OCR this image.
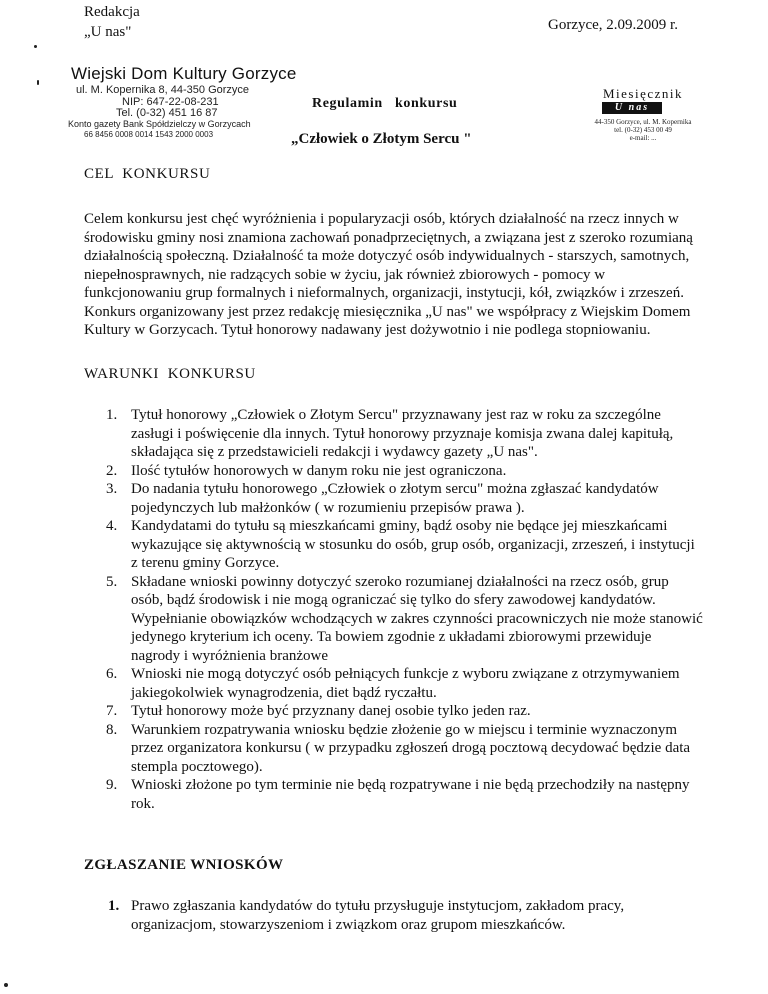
Redakcja
„U nas"
Wiejski Dom Kultury Gorzyce
ul. M. Kopernika 8, 44-350 Gorzyce
NIP: 647-22-08-231
Tel. (0-32) 451 16 87
Konto gazety Bank Spółdzielczy w Gorzycach
66 8456 0008 0014 1543 2000 0003
Gorzyce, 2.09.2009 r.
Regulamin   konkursu
„Człowiek o Złotym Sercu "
Miesięcznik
U nas
44-350 Gorzyce, ul. M. Kopernika
tel. (0-32) 453 00 49
e-mail: ...
CEL  KONKURSU
Celem konkursu jest chęć wyróżnienia i popularyzacji osób, których działalność na rzecz innych w środowisku gminy nosi znamiona zachowań ponadprzeciętnych, a związana jest z szeroko rozumianą działalnością społeczną. Działalność ta może dotyczyć osób indywidualnych - starszych, samotnych, niepełnosprawnych, nie radzących sobie w życiu, jak również zbiorowych - pomocy w funkcjonowaniu grup formalnych i nieformalnych, organizacji, instytucji, kół, związków i zrzeszeń. Konkurs organizowany jest przez redakcję miesięcznika „U nas" we współpracy z Wiejskim Domem Kultury w Gorzycach. Tytuł honorowy nadawany jest dożywotnio i nie podlega stopniowaniu.
WARUNKI  KONKURSU
1. Tytuł honorowy „Człowiek o Złotym Sercu" przyznawany jest raz w roku za szczególne zasługi i poświęcenie dla innych. Tytuł honorowy przyznaje komisja zwana dalej kapitułą, składająca się z przedstawicieli redakcji i wydawcy gazety „U nas".
2. Ilość tytułów honorowych w danym roku nie jest ograniczona.
3. Do nadania tytułu honorowego „Człowiek o złotym sercu" można zgłaszać kandydatów pojedynczych lub małżonków ( w rozumieniu przepisów prawa ).
4. Kandydatami do tytułu są mieszkańcami gminy, bądź osoby nie będące jej mieszkańcami wykazujące się aktywnością w stosunku do osób, grup osób, organizacji, zrzeszeń, i instytucji z terenu gminy Gorzyce.
5. Składane wnioski powinny dotyczyć szeroko rozumianej działalności na rzecz osób, grup osób, bądź środowisk i nie mogą ograniczać się tylko do sfery zawodowej kandydatów. Wypełnianie obowiązków wchodzących w zakres czynności pracowniczych nie może stanowić jedynego kryterium ich oceny. Ta bowiem zgodnie z układami zbiorowymi przewiduje nagrody i wyróżnienia branżowe
6. Wnioski nie mogą dotyczyć osób pełniących funkcje z wyboru związane z otrzymywaniem jakiegokolwiek wynagrodzenia, diet bądź ryczałtu.
7. Tytuł honorowy może być przyznany danej osobie tylko jeden raz.
8. Warunkiem rozpatrywania wniosku będzie złożenie go w miejscu i terminie wyznaczonym przez organizatora konkursu ( w przypadku zgłoszeń drogą pocztową decydować będzie data stempla pocztowego).
9. Wnioski złożone po tym terminie nie będą rozpatrywane i nie będą przechodziły na następny rok.
ZGŁASZANIE WNIOSKÓW
1. Prawo zgłaszania kandydatów do tytułu przysługuje instytucjom, zakładom pracy, organizacjom, stowarzyszeniom i związkom oraz grupom mieszkańców.
